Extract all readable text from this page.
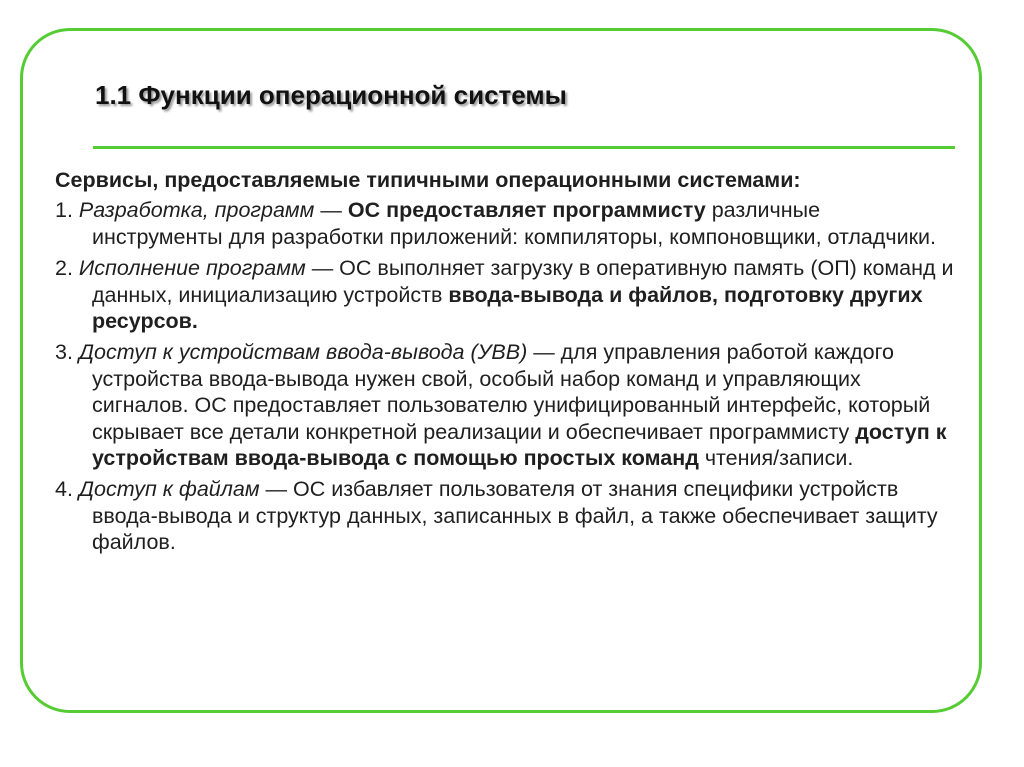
1.1 Функции операционной системы

Сервисы, предоставляемые типичными операционными системами:

1. Разработка, программ — ОС предоставляет программисту различные инструменты для разработки приложений: компиляторы, компоновщики, отладчики.

2. Исполнение программ — ОС выполняет загрузку в оперативную память (ОП) команд и данных, инициализацию устройств ввода-вывода и файлов, подготовку других ресурсов.

3. Доступ к устройствам ввода-вывода (УВВ) — для управления работой каждого устройства ввода-вывода нужен свой, особый набор команд и управляющих сигналов. ОС предоставляет пользователю унифицированный интерфейс, который скрывает все детали конкретной реализации и обеспечивает программисту доступ к устройствам ввода-вывода с помощью простых команд чтения/записи.

4. Доступ к файлам — ОС избавляет пользователя от знания специфики устройств ввода-вывода и структур данных, записанных в файл, а также обеспечивает защиту файлов.
